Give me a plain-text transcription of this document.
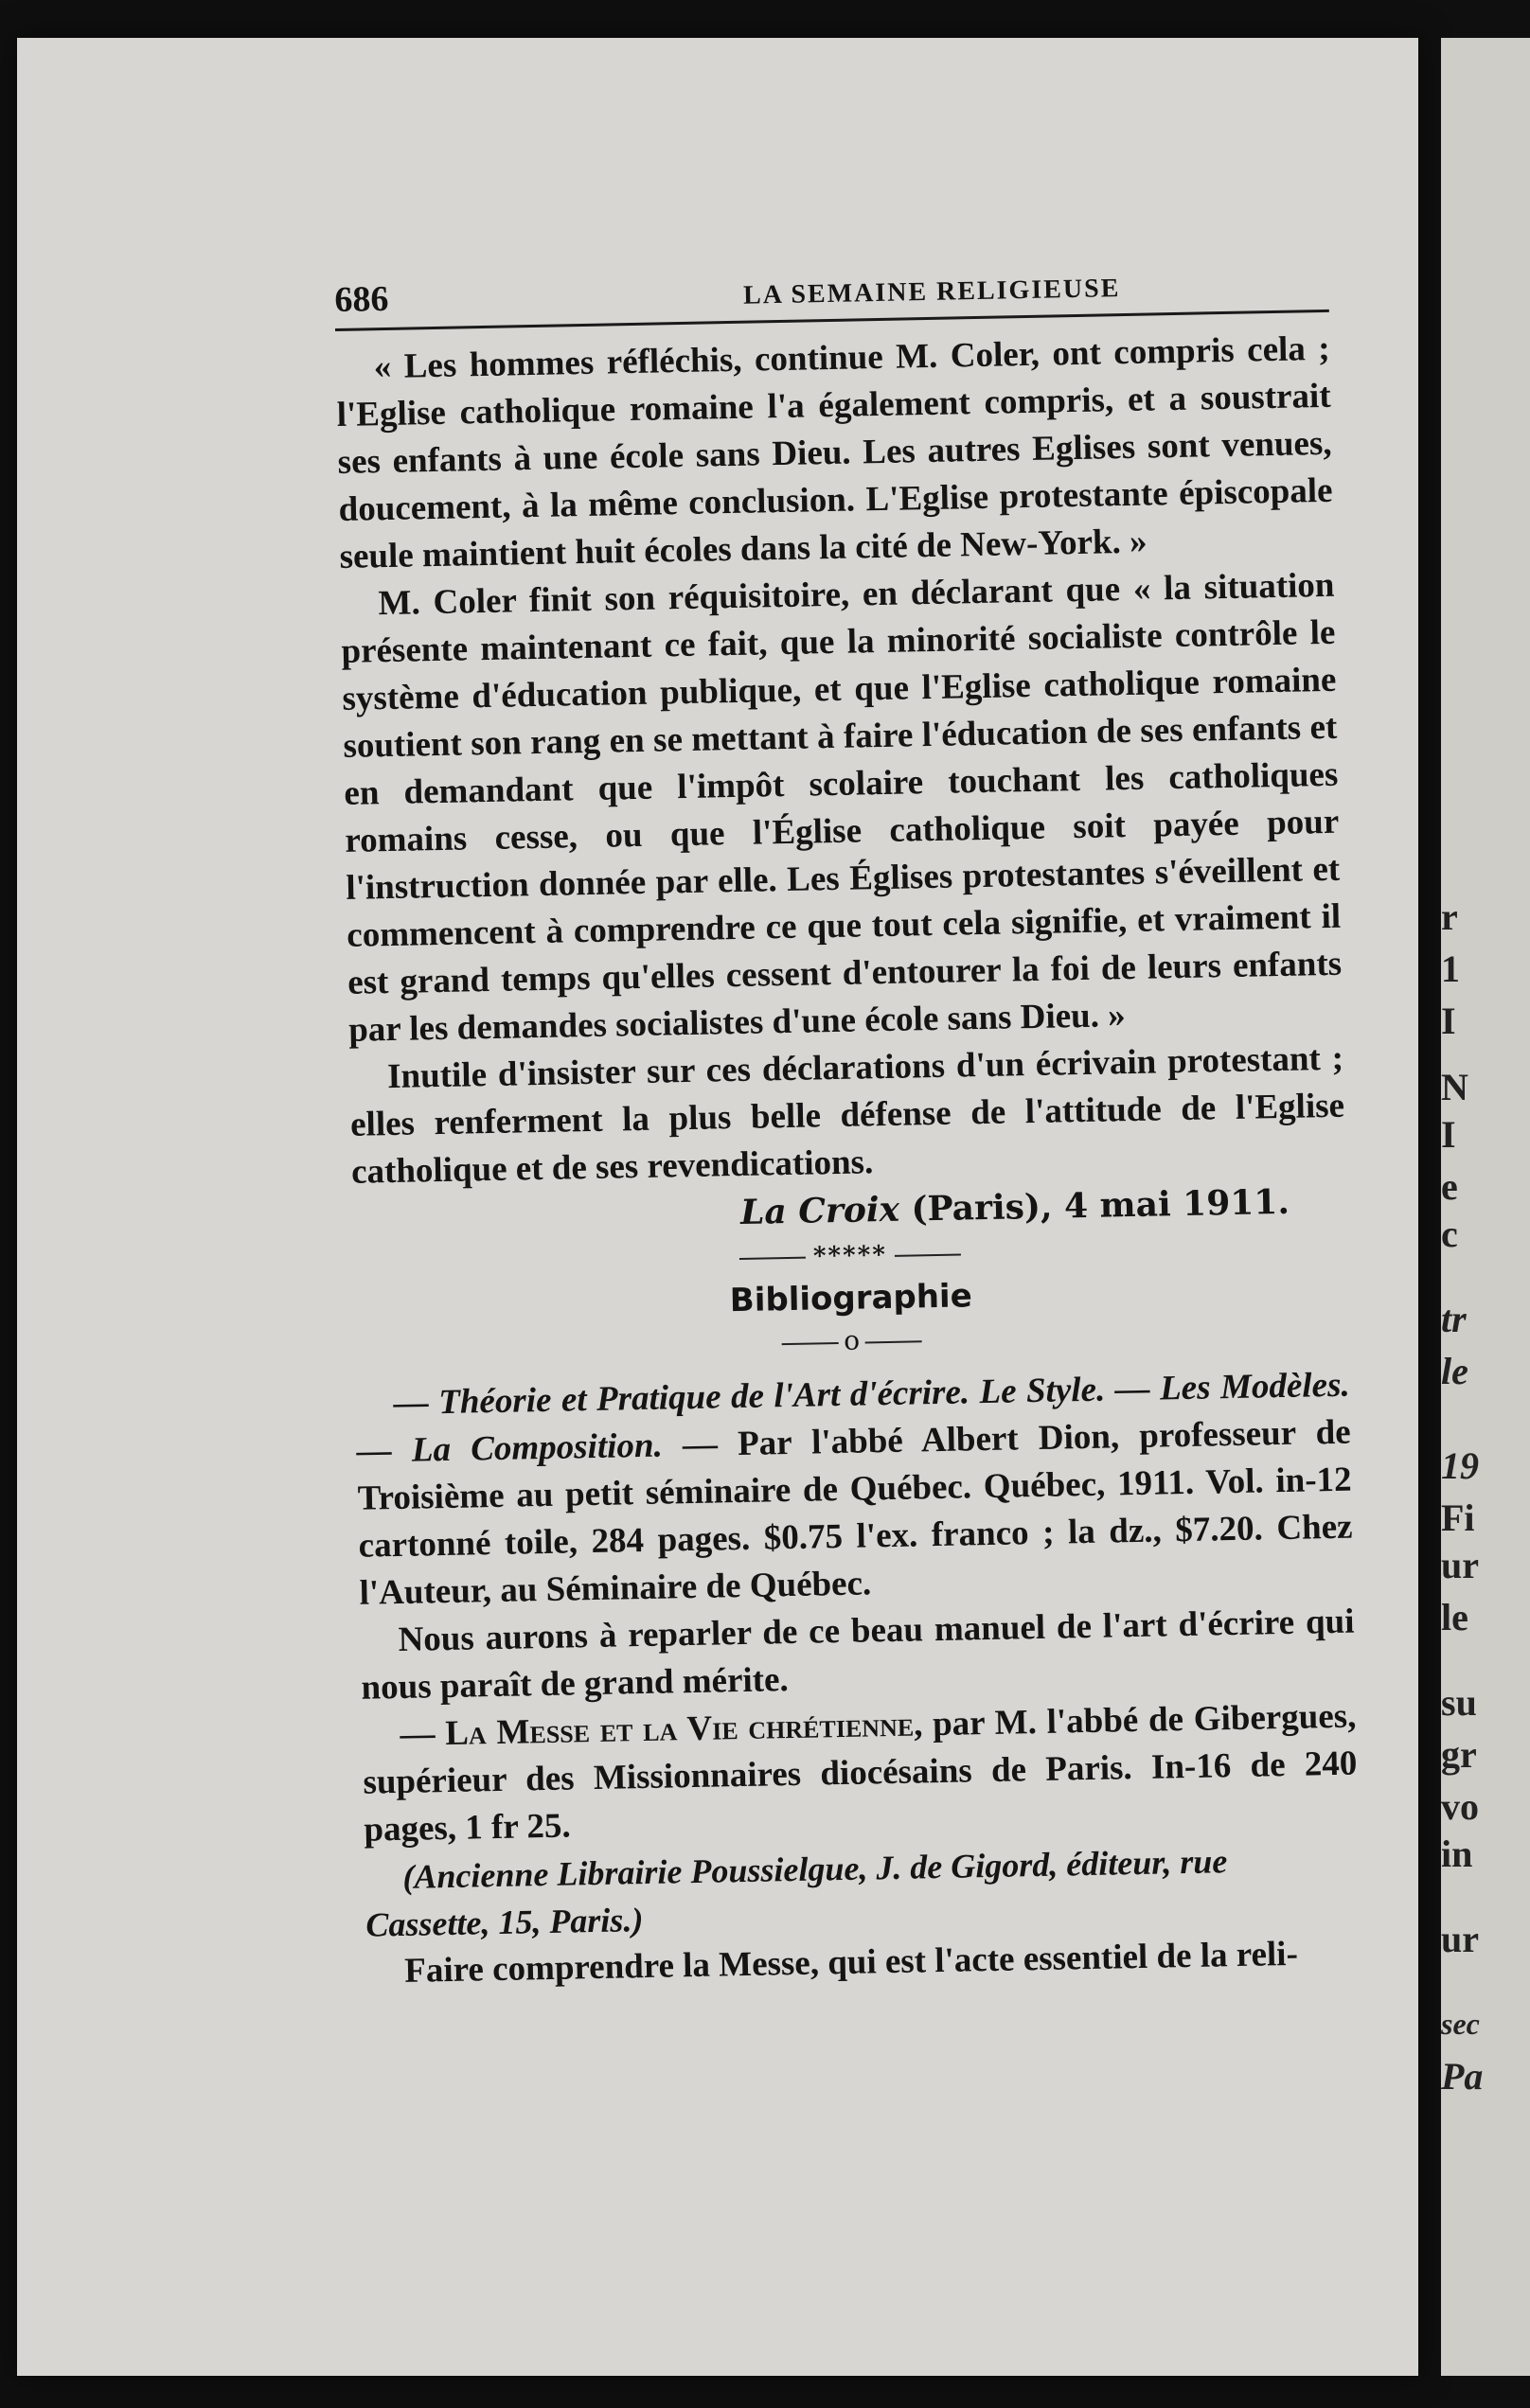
686	LA SEMAINE RELIGIEUSE

« Les hommes réfléchis, continue M. Coler, ont compris cela ; l'Eglise catholique romaine l'a également compris, et a soustrait ses enfants à une école sans Dieu. Les autres Eglises sont venues, doucement, à la même conclusion. L'Eglise protestante épiscopale seule maintient huit écoles dans la cité de New-York. »

M. Coler finit son réquisitoire, en déclarant que « la situation présente maintenant ce fait, que la minorité socialiste contrôle le système d'éducation publique, et que l'Eglise catholique romaine soutient son rang en se mettant à faire l'éducation de ses enfants et en demandant que l'impôt scolaire touchant les catholiques romains cesse, ou que l'Église catholique soit payée pour l'instruction donnée par elle. Les Églises protestantes s'éveillent et commencent à comprendre ce que tout cela signifie, et vraiment il est grand temps qu'elles cessent d'entourer la foi de leurs enfants par les demandes socialistes d'une école sans Dieu. »

Inutile d'insister sur ces déclarations d'un écrivain protestant ; elles renferment la plus belle défense de l'attitude de l'Eglise catholique et de ses revendications.

La Croix (Paris), 4 mai 1911.
*****
Bibliographie
o

— Théorie et Pratique de l'Art d'écrire. Le Style. — Les Modèles. — La Composition. — Par l'abbé Albert Dion, professeur de Troisième au petit séminaire de Québec. Québec, 1911. Vol. in-12 cartonné toile, 284 pages. $0.75 l'ex. franco ; la dz., $7.20. Chez l'Auteur, au Séminaire de Québec.

Nous aurons à reparler de ce beau manuel de l'art d'écrire qui nous paraît de grand mérite.

— La Messe et la Vie chrétienne, par M. l'abbé de Gibergues, supérieur des Missionnaires diocésains de Paris. In-16 de 240 pages, 1 fr 25.

(Ancienne Librairie Poussielgue, J. de Gigord, éditeur, rue Cassette, 15, Paris.)

Faire comprendre la Messe, qui est l'acte essentiel de la reli-

r
1
I
N
I
e
c
tr
le
19
Fi
ur
le
su
gr
vo
in
ur
sec
Pa
